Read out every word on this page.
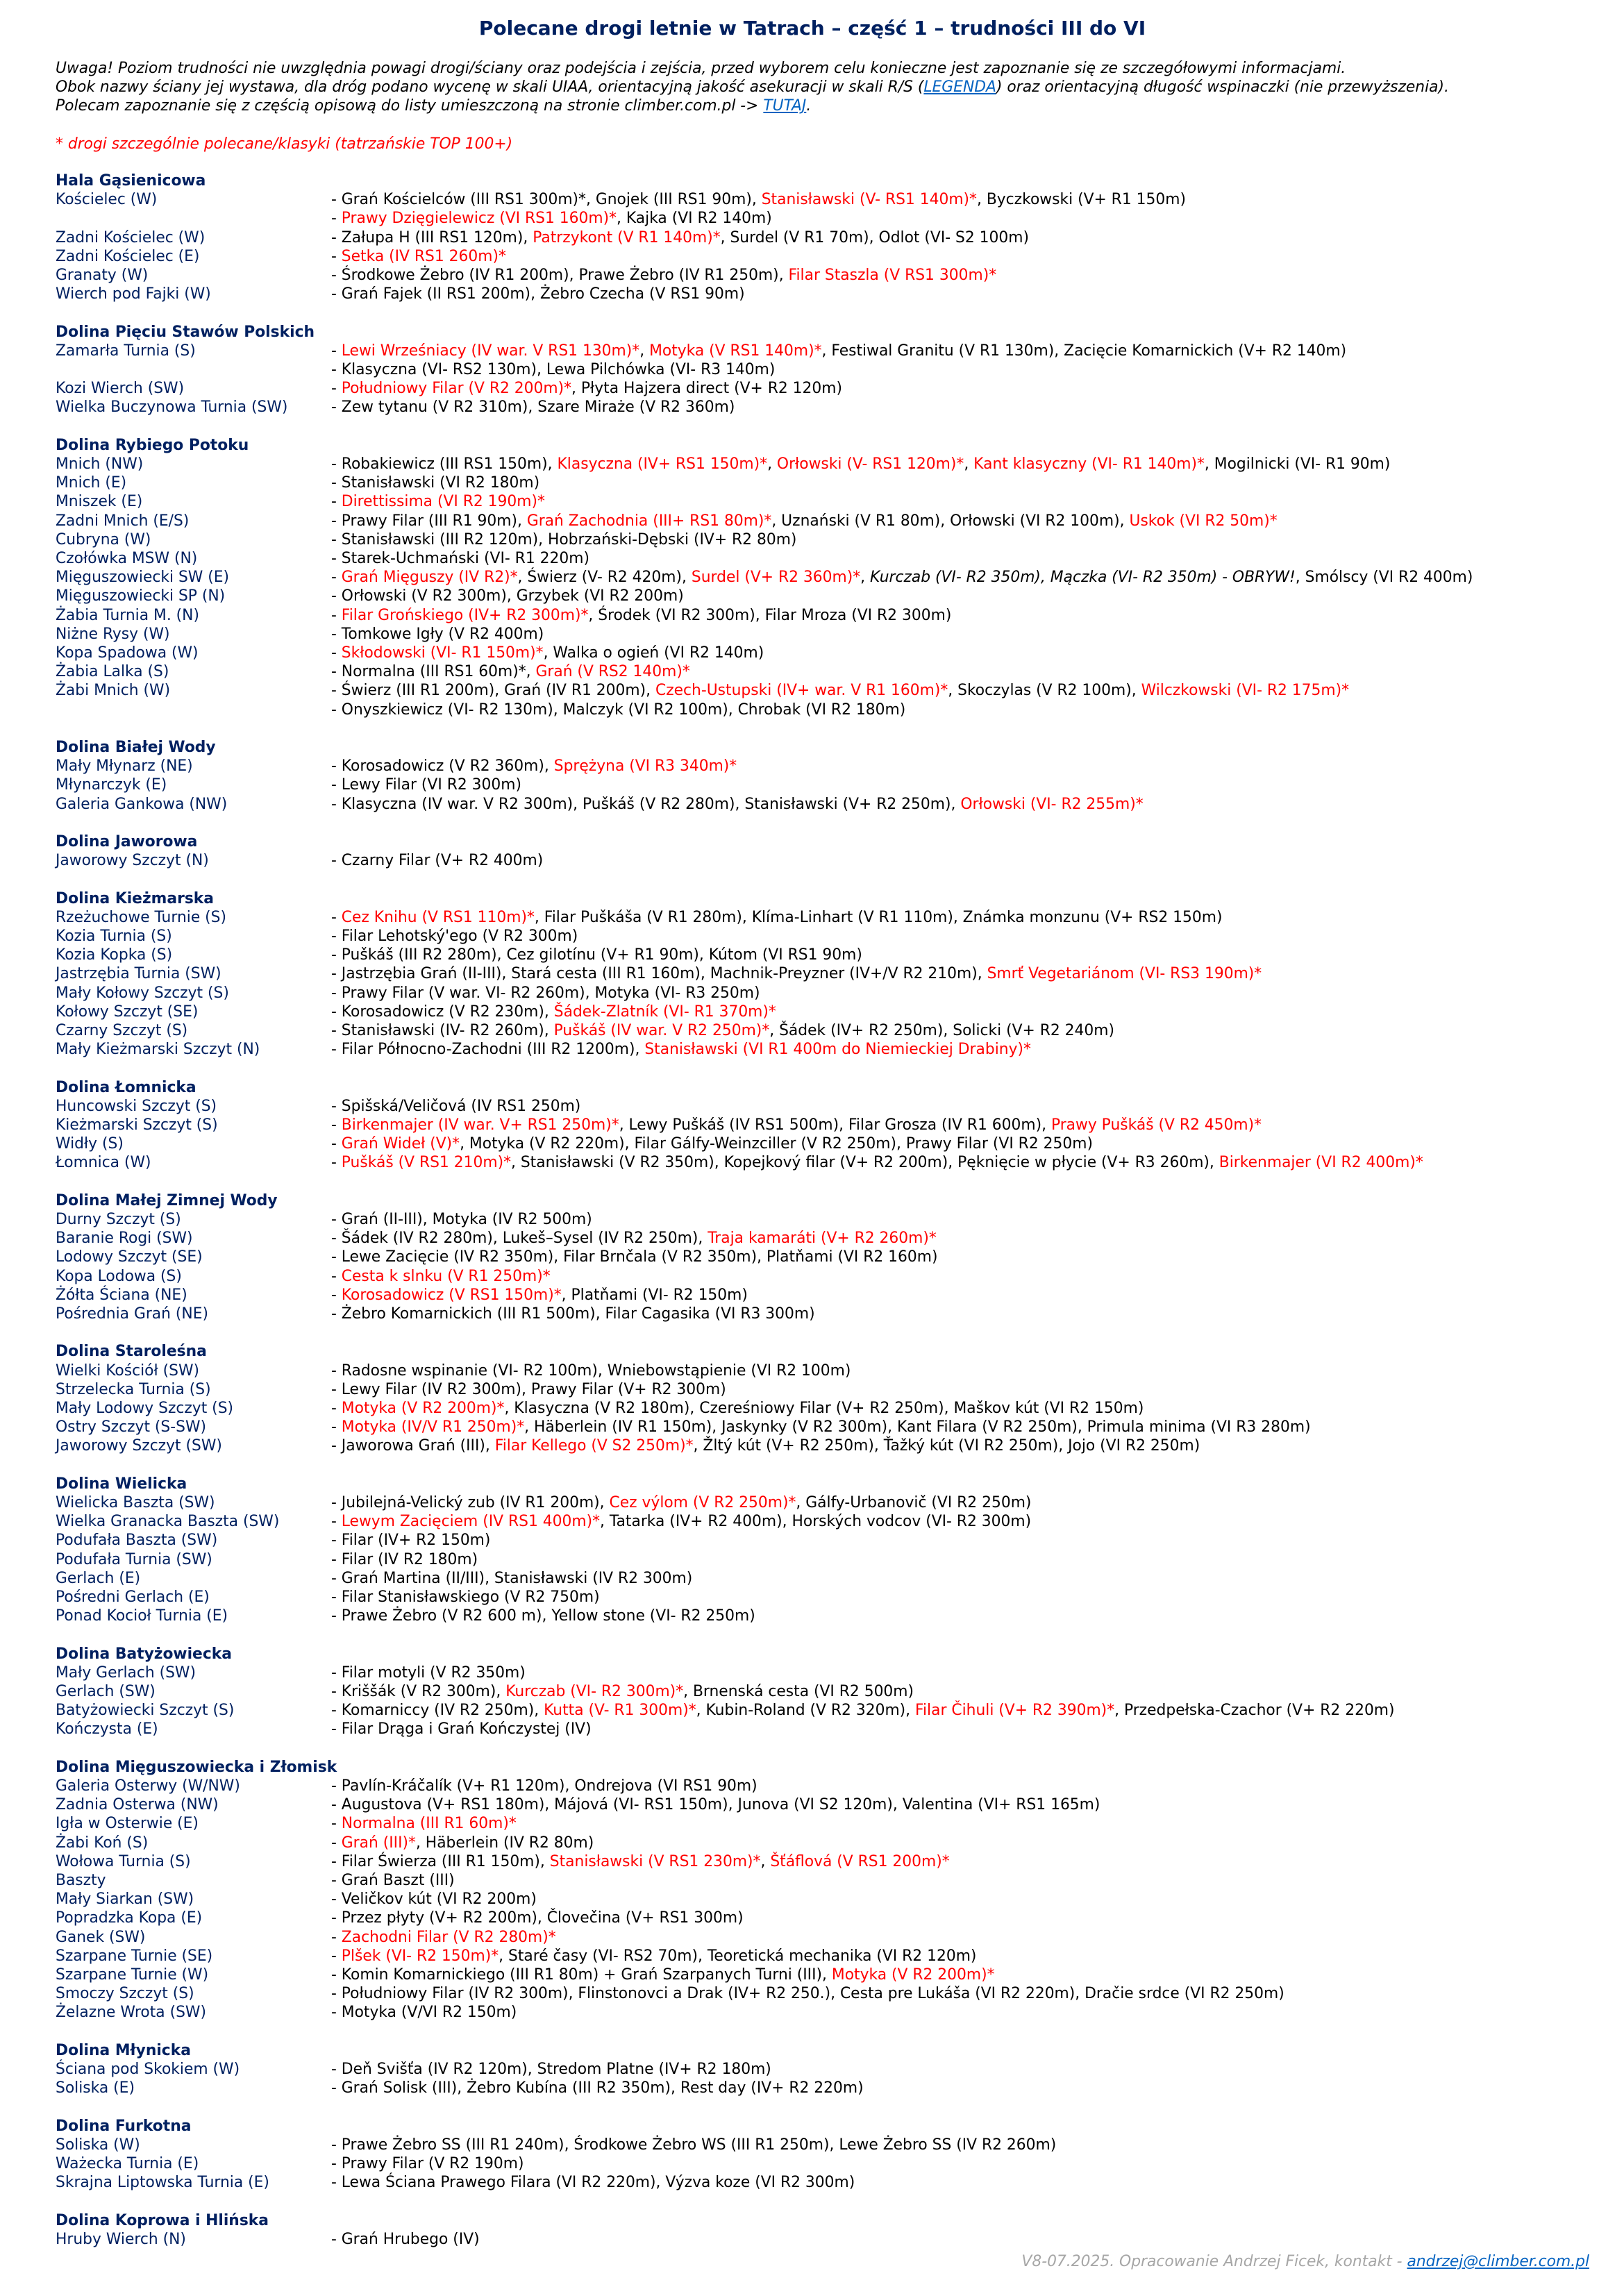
Polecane drogi letnie w Tatrach – część 1 – trudności III do VI
Uwaga! Poziom trudności nie uwzględnia powagi drogi/ściany oraz podejścia i zejścia, przed wyborem celu konieczne jest zapoznanie się ze szczegółowymi informacjami.
Obok nazwy ściany jej wystawa, dla dróg podano wycenę w skali UIAA, orientacyjną jakość asekuracji w skali R/S (LEGENDA) oraz orientacyjną długość wspinaczki (nie przewyższenia).
Polecam zapoznanie się z częścią opisową do listy umieszczoną na stronie climber.com.pl -> TUTAJ.
* drogi szczególnie polecane/klasyki (tatrzańskie TOP 100+)
Hala Gąsienicowa
Kościelec (W)	- Grań Kościelców (III RS1 300m)*, Gnojek (III RS1 90m), Stanisławski (V- RS1 140m)*, Byczkowski (V+ R1 150m)
- Prawy Dzięgielewicz (VI RS1 160m)*, Kajka (VI R2 140m)
Zadni Kościelec (W)	- Załupa H (III RS1 120m), Patrzykont (V R1 140m)*, Surdel (V R1 70m), Odlot (VI- S2 100m)
Zadni Kościelec (E)	- Setka (IV RS1 260m)*
Granaty (W)	- Środkowe Żebro (IV R1 200m), Prawe Żebro (IV R1 250m), Filar Staszla (V RS1 300m)*
Wierch pod Fajki (W)	- Grań Fajek (II RS1 200m), Żebro Czecha (V RS1 90m)
Dolina Pięciu Stawów Polskich
Zamarła Turnia (S)	- Lewi Wrześniacy (IV war. V RS1 130m)*, Motyka (V RS1 140m)*, Festiwal Granitu (V R1 130m), Zacięcie Komarnickich (V+ R2 140m)
- Klasyczna (VI- RS2 130m), Lewa Pilchówka (VI- R3 140m)
Kozi Wierch (SW)	- Południowy Filar (V R2 200m)*, Płyta Hajzera direct (V+ R2 120m)
Wielka Buczynowa Turnia (SW)	- Zew tytanu (V R2 310m), Szare Miraże (V R2 360m)
Dolina Rybiego Potoku
Mnich (NW)	- Robakiewicz (III RS1 150m), Klasyczna (IV+ RS1 150m)*, Orłowski (V- RS1 120m)*, Kant klasyczny (VI- R1 140m)*, Mogilnicki (VI- R1 90m)
Mnich (E)	- Stanisławski (VI R2 180m)
Mniszek (E)	- Direttissima (VI R2 190m)*
Zadni Mnich (E/S)	- Prawy Filar (III R1 90m), Grań Zachodnia (III+ RS1 80m)*, Uznański (V R1 80m), Orłowski (VI R2 100m), Uskok (VI R2 50m)*
Cubryna (W)	- Stanisławski (III R2 120m), Hobrzański-Dębski (IV+ R2 80m)
Czołówka MSW (N)	- Starek-Uchmański (VI- R1 220m)
Mięguszowiecki SW (E)	- Grań Mięguszy (IV R2)*, Świerz (V- R2 420m), Surdel (V+ R2 360m)*, Kurczab (VI- R2 350m), Mączka (VI- R2 350m) - OBRYW!, Smólscy (VI R2 400m)
Mięguszowiecki SP (N)	- Orłowski (V R2 300m), Grzybek (VI R2 200m)
Żabia Turnia M. (N)	- Filar Grońskiego (IV+ R2 300m)*, Środek (VI R2 300m), Filar Mroza (VI R2 300m)
Niżne Rysy (W)	- Tomkowe Igły (V R2 400m)
Kopa Spadowa (W)	- Skłodowski (VI- R1 150m)*, Walka o ogień (VI R2 140m)
Żabia Lalka (S)	- Normalna (III RS1 60m)*, Grań (V RS2 140m)*
Żabi Mnich (W)	- Świerz (III R1 200m), Grań (IV R1 200m), Czech-Ustupski (IV+ war. V R1 160m)*, Skoczylas (V R2 100m), Wilczkowski (VI- R2 175m)*
- Onyszkiewicz (VI- R2 130m), Malczyk (VI R2 100m), Chrobak (VI R2 180m)
Dolina Białej Wody
Mały Młynarz (NE)	- Korosadowicz (V R2 360m), Sprężyna (VI R3 340m)*
Młynarczyk (E)	- Lewy Filar (VI R2 300m)
Galeria Gankowa (NW)	- Klasyczna (IV war. V R2 300m), Puškáš (V R2 280m), Stanisławski (V+ R2 250m), Orłowski (VI- R2 255m)*
Dolina Jaworowa
Jaworowy Szczyt (N)	- Czarny Filar (V+ R2 400m)
Dolina Kieżmarska
Rzeżuchowe Turnie (S)	- Cez Knihu (V RS1 110m)*, Filar Puškáša (V R1 280m), Klíma-Linhart (V R1 110m), Známka monzunu (V+ RS2 150m)
Kozia Turnia (S)	- Filar Lehotský'ego (V R2 300m)
Kozia Kopka (S)	- Puškáš (III R2 280m), Cez gilotínu (V+ R1 90m), Kútom (VI RS1 90m)
Jastrzębia Turnia (SW)	- Jastrzębia Grań (II-III), Stará cesta (III R1 160m), Machnik-Preyzner (IV+/V R2 210m), Smrť Vegetariánom (VI- RS3 190m)*
Mały Kołowy Szczyt (S)	- Prawy Filar (V war. VI- R2 260m), Motyka (VI- R3 250m)
Kołowy Szczyt (SE)	- Korosadowicz (V R2 230m), Šádek-Zlatník (VI- R1 370m)*
Czarny Szczyt (S)	- Stanisławski (IV- R2 260m), Puškáš (IV war. V R2 250m)*, Šádek (IV+ R2 250m), Solicki (V+ R2 240m)
Mały Kieżmarski Szczyt (N)	- Filar Północno-Zachodni (III R2 1200m), Stanisławski (VI R1 400m do Niemieckiej Drabiny)*
Dolina Łomnicka
Huncowski Szczyt (S)	- Spišská/Veličová (IV RS1 250m)
Kieżmarski Szczyt (S)	- Birkenmajer (IV war. V+ RS1 250m)*, Lewy Puškáš (IV RS1 500m), Filar Grosza (IV R1 600m), Prawy Puškáš (V R2 450m)*
Widły (S)	- Grań Wideł (V)*, Motyka (V R2 220m), Filar Gálfy-Weinzciller (V R2 250m), Prawy Filar (VI R2 250m)
Łomnica (W)	- Puškáš (V RS1 210m)*, Stanisławski (V R2 350m), Kopejkový filar (V+ R2 200m), Pęknięcie w płycie (V+ R3 260m), Birkenmajer (VI R2 400m)*
Dolina Małej Zimnej Wody
Durny Szczyt (S)	- Grań (II-III), Motyka (IV R2 500m)
Baranie Rogi (SW)	- Šádek (IV R2 280m), Lukeš–Sysel (IV R2 250m), Traja kamaráti (V+ R2 260m)*
Lodowy Szczyt (SE)	- Lewe Zacięcie (IV R2 350m), Filar Brnčala (V R2 350m), Platňami (VI R2 160m)
Kopa Lodowa (S)	- Cesta k slnku (V R1 250m)*
Żółta Ściana (NE)	- Korosadowicz (V RS1 150m)*, Platňami (VI- R2 150m)
Pośrednia Grań (NE)	- Żebro Komarnickich (III R1 500m), Filar Cagasika (VI R3 300m)
Dolina Staroleśna
Wielki Kościół (SW)	- Radosne wspinanie (VI- R2 100m), Wniebowstąpienie (VI R2 100m)
Strzelecka Turnia (S)	- Lewy Filar (IV R2 300m), Prawy Filar (V+ R2 300m)
Mały Lodowy Szczyt (S)	- Motyka (V R2 200m)*, Klasyczna (V R2 180m), Czereśniowy Filar (V+ R2 250m), Maškov kút (VI R2 150m)
Ostry Szczyt (S-SW)	- Motyka (IV/V R1 250m)*, Häberlein (IV R1 150m), Jaskynky (V R2 300m), Kant Filara (V R2 250m), Primula minima (VI R3 280m)
Jaworowy Szczyt (SW)	- Jaworowa Grań (III), Filar Kellego (V S2 250m)*, Žltý kút (V+ R2 250m), Ťažký kút (VI R2 250m), Jojo (VI R2 250m)
Dolina Wielicka
Wielicka Baszta (SW)	- Jubilejná-Velický zub (IV R1 200m), Cez výlom (V R2 250m)*, Gálfy-Urbanovič (VI R2 250m)
Wielka Granacka Baszta (SW)	- Lewym Zacięciem (IV RS1 400m)*, Tatarka (IV+ R2 400m), Horských vodcov (VI- R2 300m)
Podufała Baszta (SW)	- Filar (IV+ R2 150m)
Podufała Turnia (SW)	- Filar (IV R2 180m)
Gerlach (E)	- Grań Martina (II/III), Stanisławski (IV R2 300m)
Pośredni Gerlach (E)	- Filar Stanisławskiego (V R2 750m)
Ponad Kocioł Turnia (E)	- Prawe Żebro (V R2 600 m), Yellow stone (VI- R2 250m)
Dolina Batyżowiecka
Mały Gerlach (SW)	- Filar motyli (V R2 350m)
Gerlach (SW)	- Krišš̌ák (V R2 300m), Kurczab (VI- R2 300m)*, Brnenská cesta (VI R2 500m)
Batyżowiecki Szczyt (S)	- Komarniccy (IV R2 250m), Kutta (V- R1 300m)*, Kubin-Roland (V R2 320m), Filar Čihuli (V+ R2 390m)*, Przedpełska-Czachor (V+ R2 220m)
Kończysta (E)	- Filar Drąga i Grań Kończystej (IV)
Dolina Mięguszowiecka i Złomisk
Galeria Osterwy (W/NW)	- Pavlín-Kráčalík (V+ R1 120m), Ondrejova (VI RS1 90m)
Zadnia Osterwa (NW)	- Augustova (V+ RS1 180m), Májová (VI- RS1 150m), Junova (VI S2 120m), Valentina (VI+ RS1 165m)
Igła w Osterwie (E)	- Normalna (III R1 60m)*
Żabi Koń (S)	- Grań (III)*, Häberlein (IV R2 80m)
Wołowa Turnia (S)	- Filar Świerza (III R1 150m), Stanisławski (V RS1 230m)*, Šťáflová (V RS1 200m)*
Baszty	- Grań Baszt (III)
Mały Siarkan (SW)	- Veličkov kút (VI R2 200m)
Popradzka Kopa (E)	- Przez płyty (V+ R2 200m), Človečina (V+ RS1 300m)
Ganek (SW)	- Zachodni Filar (V R2 280m)*
Szarpane Turnie (SE)	- Plšek (VI- R2 150m)*, Staré časy (VI- RS2 70m), Teoretická mechanika (VI R2 120m)
Szarpane Turnie (W)	- Komin Komarnickiego (III R1 80m) + Grań Szarpanych Turni (III), Motyka (V R2 200m)*
Smoczy Szczyt (S)	- Południowy Filar (IV R2 300m), Flinstonovci a Drak (IV+ R2 250.), Cesta pre Lukáša (VI R2 220m), Dračie srdce (VI R2 250m)
Żelazne Wrota (SW)	- Motyka (V/VI R2 150m)
Dolina Młynicka
Ściana pod Skokiem (W)	- Deň Svišťa (IV R2 120m), Stredom Platne (IV+ R2 180m)
Soliska (E)	- Grań Solisk (III), Żebro Kubína (III R2 350m), Rest day (IV+ R2 220m)
Dolina Furkotna
Soliska (W)	- Prawe Żebro SS (III R1 240m), Środkowe Żebro WS (III R1 250m), Lewe Żebro SS (IV R2 260m)
Ważecka Turnia (E)	- Prawy Filar (V R2 190m)
Skrajna Liptowska Turnia (E)	- Lewa Ściana Prawego Filara (VI R2 220m), Výzva koze (VI R2 300m)
Dolina Koprowa i Hlińska
Hruby Wierch (N)	- Grań Hrubego (IV)
V8-07.2025. Opracowanie Andrzej Ficek, kontakt - andrzej@climber.com.pl
